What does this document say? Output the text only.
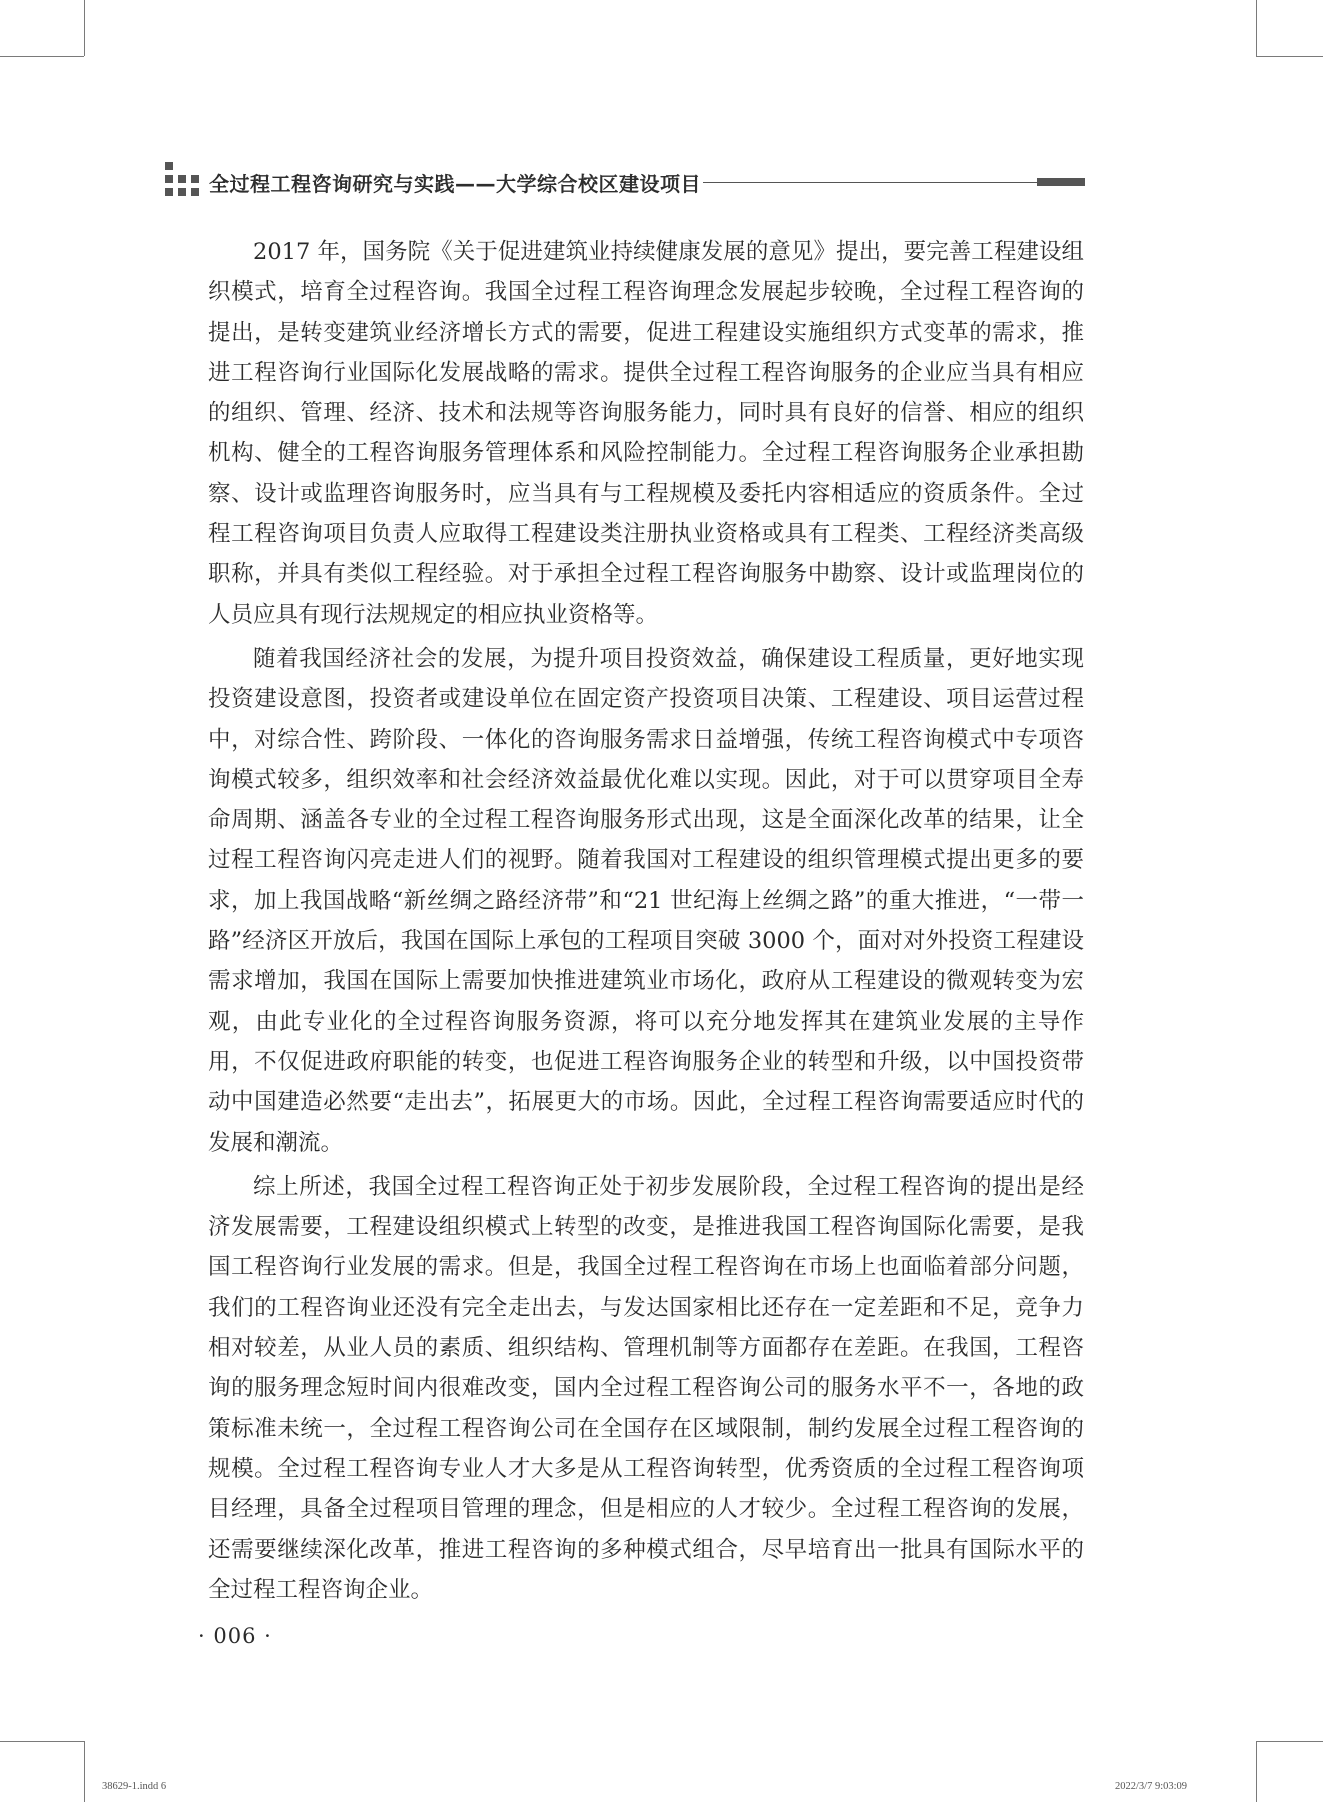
全过程工程咨询研究与实践——大学综合校区建设项目

2017 年，国务院《关于促进建筑业持续健康发展的意见》提出，要完善工程建设组织模式，培育全过程咨询。我国全过程工程咨询理念发展起步较晚，全过程工程咨询的提出，是转变建筑业经济增长方式的需要，促进工程建设实施组织方式变革的需求，推进工程咨询行业国际化发展战略的需求。提供全过程工程咨询服务的企业应当具有相应的组织、管理、经济、技术和法规等咨询服务能力，同时具有良好的信誉、相应的组织机构、健全的工程咨询服务管理体系和风险控制能力。全过程工程咨询服务企业承担勘察、设计或监理咨询服务时，应当具有与工程规模及委托内容相适应的资质条件。全过程工程咨询项目负责人应取得工程建设类注册执业资格或具有工程类、工程经济类高级职称，并具有类似工程经验。对于承担全过程工程咨询服务中勘察、设计或监理岗位的人员应具有现行法规规定的相应执业资格等。

随着我国经济社会的发展，为提升项目投资效益，确保建设工程质量，更好地实现投资建设意图，投资者或建设单位在固定资产投资项目决策、工程建设、项目运营过程中，对综合性、跨阶段、一体化的咨询服务需求日益增强，传统工程咨询模式中专项咨询模式较多，组织效率和社会经济效益最优化难以实现。因此，对于可以贯穿项目全寿命周期、涵盖各专业的全过程工程咨询服务形式出现，这是全面深化改革的结果，让全过程工程咨询闪亮走进人们的视野。随着我国对工程建设的组织管理模式提出更多的要求，加上我国战略“新丝绸之路经济带”和“21 世纪海上丝绸之路”的重大推进，“一带一路”经济区开放后，我国在国际上承包的工程项目突破 3000 个，面对对外投资工程建设需求增加，我国在国际上需要加快推进建筑业市场化，政府从工程建设的微观转变为宏观，由此专业化的全过程咨询服务资源，将可以充分地发挥其在建筑业发展的主导作用，不仅促进政府职能的转变，也促进工程咨询服务企业的转型和升级，以中国投资带动中国建造必然要“走出去”，拓展更大的市场。因此，全过程工程咨询需要适应时代的发展和潮流。

综上所述，我国全过程工程咨询正处于初步发展阶段，全过程工程咨询的提出是经济发展需要，工程建设组织模式上转型的改变，是推进我国工程咨询国际化需要，是我国工程咨询行业发展的需求。但是，我国全过程工程咨询在市场上也面临着部分问题，我们的工程咨询业还没有完全走出去，与发达国家相比还存在一定差距和不足，竞争力相对较差，从业人员的素质、组织结构、管理机制等方面都存在差距。在我国，工程咨询的服务理念短时间内很难改变，国内全过程工程咨询公司的服务水平不一，各地的政策标准未统一，全过程工程咨询公司在全国存在区域限制，制约发展全过程工程咨询的规模。全过程工程咨询专业人才大多是从工程咨询转型，优秀资质的全过程工程咨询项目经理，具备全过程项目管理的理念，但是相应的人才较少。全过程工程咨询的发展，还需要继续深化改革，推进工程咨询的多种模式组合，尽早培育出一批具有国际水平的全过程工程咨询企业。

· 006 ·
38629-1.indd 6	2022/3/7 9:03:09
